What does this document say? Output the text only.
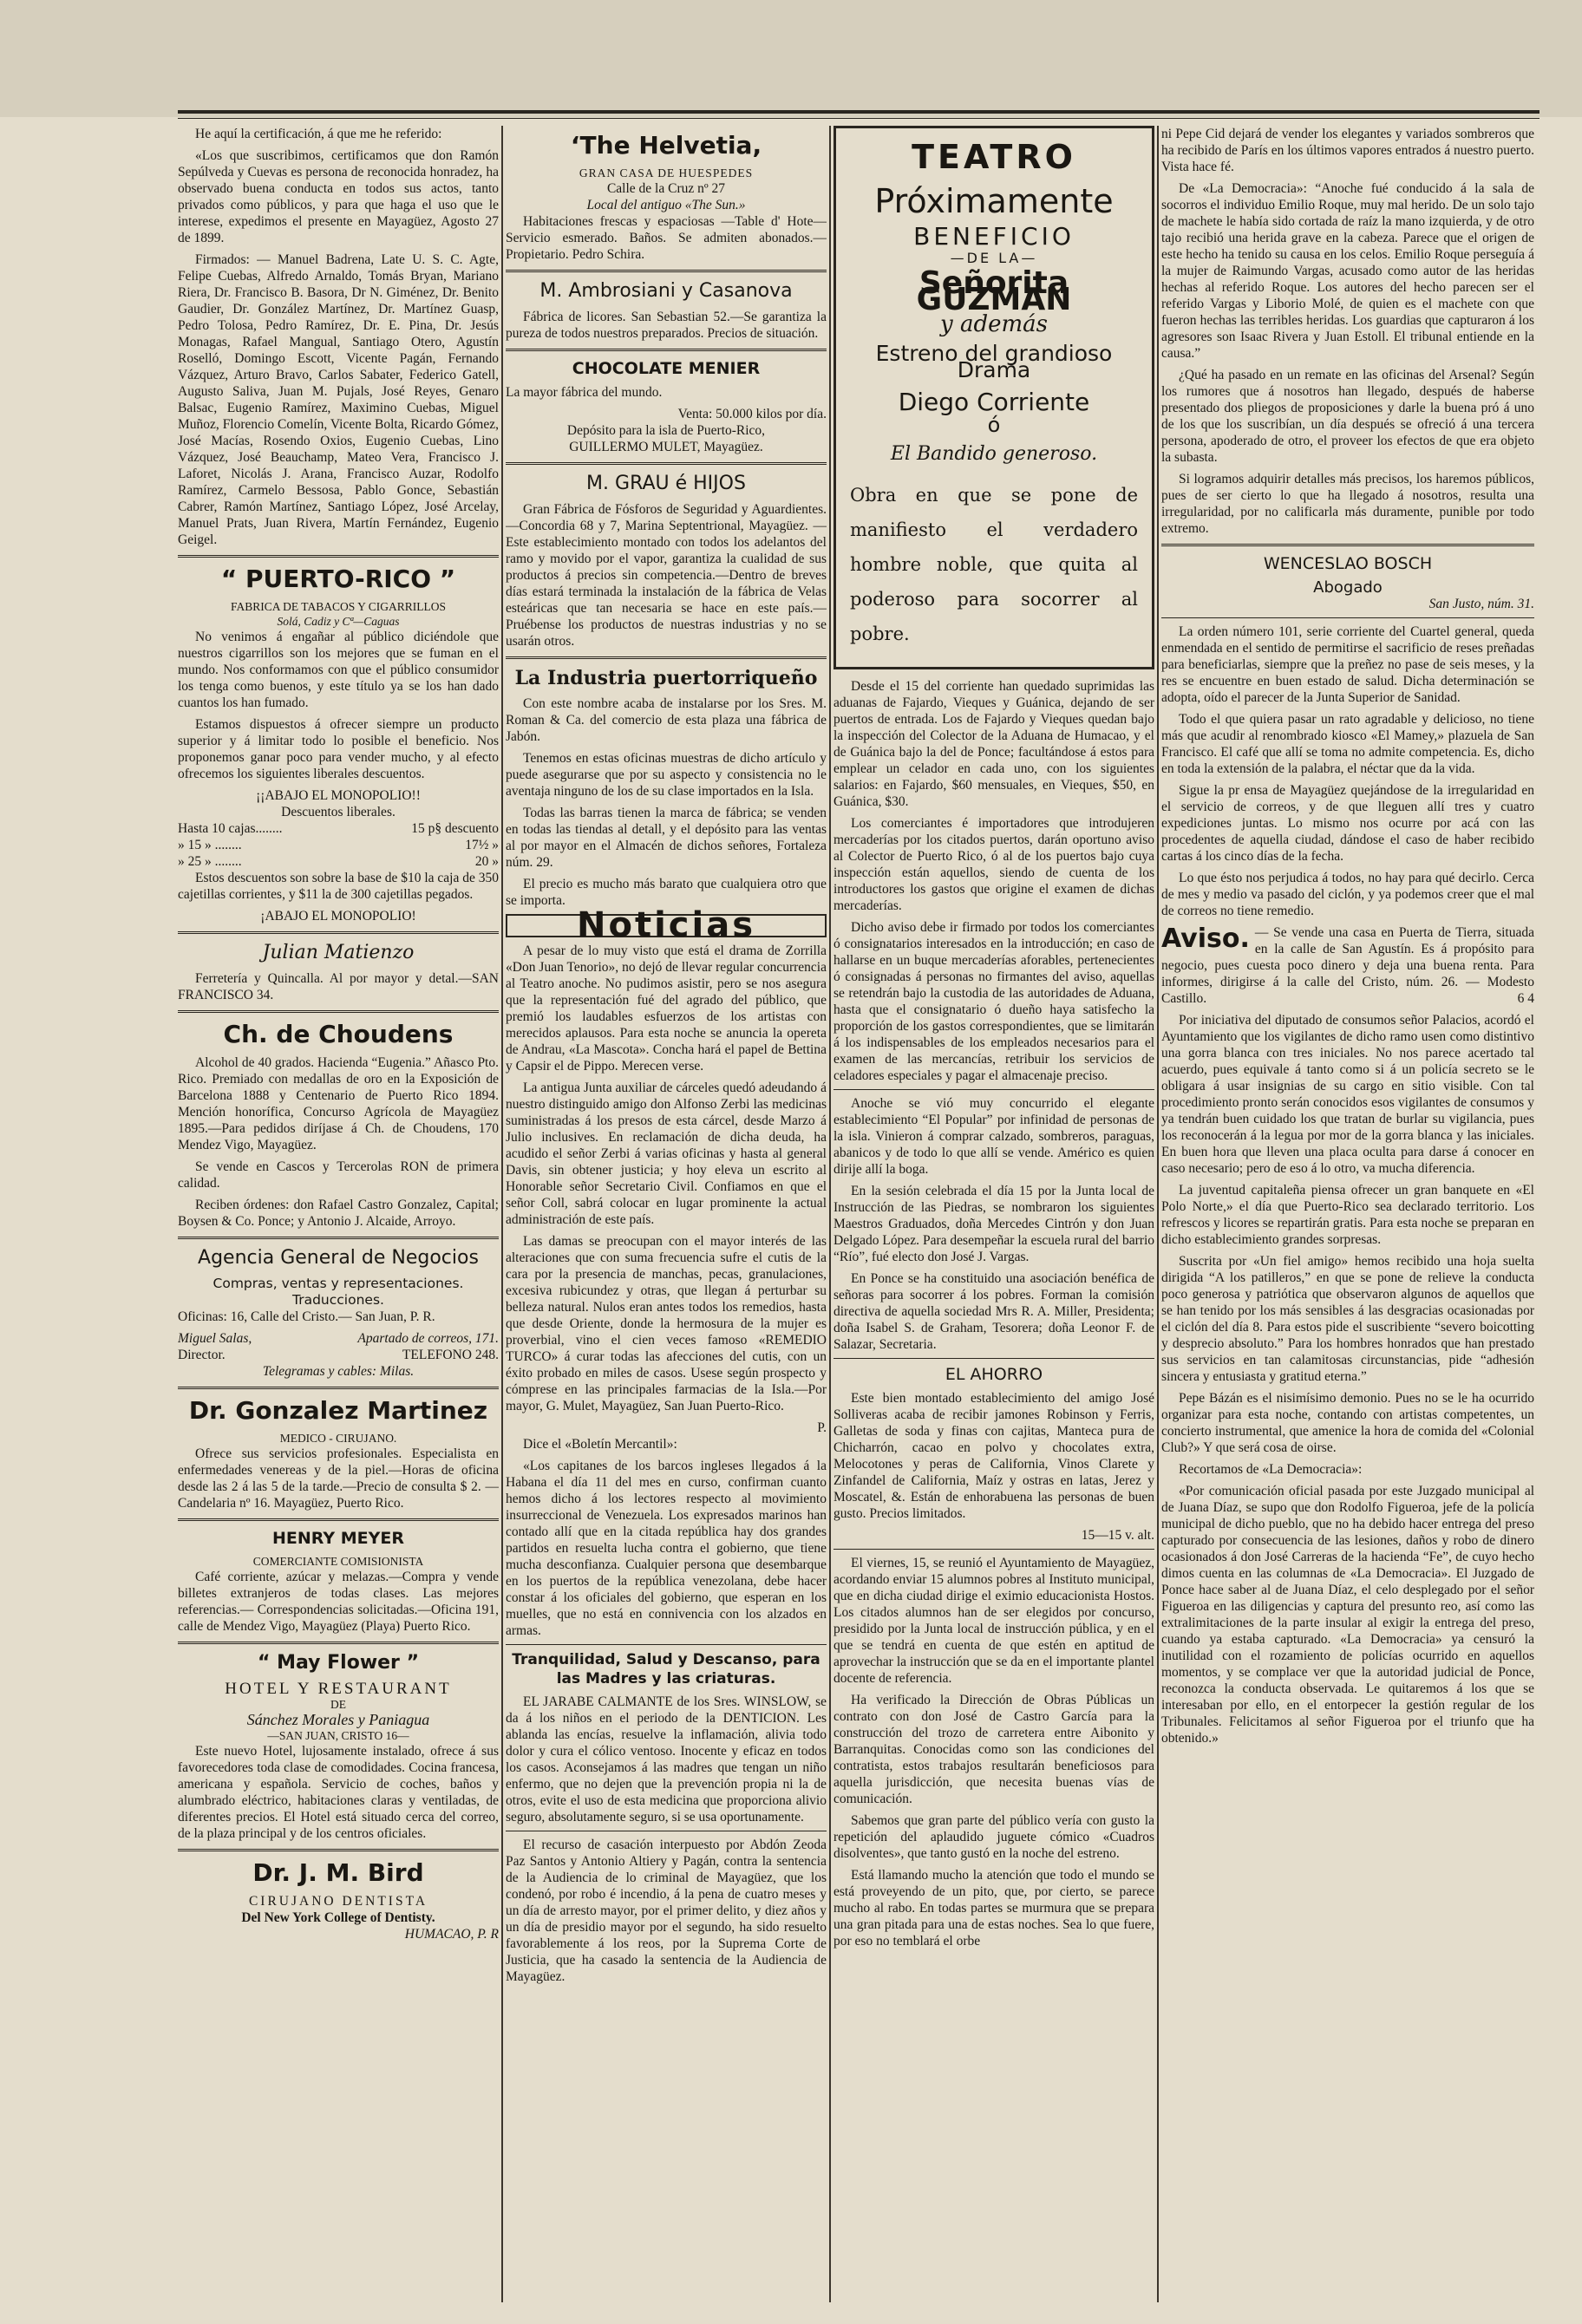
He aquí la certificación, á que me he referido:

«Los que suscribimos, certificamos que don Ramón Sepúlveda y Cuevas es persona de reconocida honradez, ha observado buena conducta en todos sus actos, tanto privados como públicos, y para que haga el uso que le interese, expedimos el presente en Mayagüez, Agosto 27 de 1899.

Firmados: — Manuel Badrena, Late U. S. C. Agte, Felipe Cuebas, Alfredo Arnaldo, Tomás Bryan, Mariano Riera, Dr. Francisco B. Basora, Dr N. Giménez, Dr. Benito Gaudier, Dr. González Martínez, Dr. Martínez Guasp, Pedro Tolosa, Pedro Ramírez, Dr. E. Pina, Dr. Jesús Monagas, Rafael Mangual, Santiago Otero, Agustín Roselló, Domingo Escott, Vicente Pagán, Fernando Vázquez, Arturo Bravo, Carlos Sabater, Federico Gatell, Augusto Saliva, Juan M. Pujals, José Reyes, Genaro Balsac, Eugenio Ramírez, Maximino Cuebas, Miguel Muñoz, Florencio Comelín, Vicente Bolta, Ricardo Gómez, José Macías, Rosendo Oxios, Eugenio Cuebas, Lino Vázquez, José Beauchamp, Mateo Vera, Francisco J. Laforet, Nicolás J. Arana, Francisco Auzar, Rodolfo Ramírez, Carmelo Bessosa, Pablo Gonce, Sebastián Cabrer, Ramón Martínez, Santiago López, José Arcelay, Manuel Prats, Juan Rivera, Martín Fernández, Eugenio Geigel.

“ PUERTO-RICO ”
FABRICA DE TABACOS Y CIGARRILLOS
Solá, Cadiz y Cª—Caguas

No venimos á engañar al público diciéndole que nuestros cigarrillos son los mejores que se fuman en el mundo. Nos conformamos con que el público consumidor los tenga como buenos, y este título ya se los han dado cuantos los han fumado.

Estamos dispuestos á ofrecer siempre un producto superior y á limitar todo lo posible el beneficio. Nos proponemos ganar poco para vender mucho, y al efecto ofrecemos los siguientes liberales descuentos.

¡¡ABAJO EL MONOPOLIO!!
Descuentos liberales.
Hasta 10 cajas........	15 p§ descuento
» 15 » ........	17½ »
» 25 » ........	20 »

Estos descuentos son sobre la base de $10 la caja de 350 cajetillas corrientes, y $11 la de 300 cajetillas pegados.

¡ABAJO EL MONOPOLIO!
Julian Matienzo

Ferretería y Quincalla. Al por mayor y detal.—SAN FRANCISCO 34.

Ch. de Choudens

Alcohol de 40 grados. Hacienda “Eugenia.” Añasco Pto. Rico. Premiado con medallas de oro en la Exposición de Barcelona 1888 y Centenario de Puerto Rico 1894. Mención honorífica, Concurso Agrícola de Mayagüez 1895.—Para pedidos diríjase á Ch. de Choudens, 170 Mendez Vigo, Mayagüez.

Se vende en Cascos y Tercerolas RON de primera calidad.

Reciben órdenes: don Rafael Castro Gonzalez, Capital; Boysen & Co. Ponce; y Antonio J. Alcaide, Arroyo.

Agencia General de Negocios
Compras, ventas y representaciones. Traducciones.

Oficinas: 16, Calle del Cristo.— San Juan, P. R.

Miguel Salas,	Apartado de correos, 171.
Director.	TELEFONO 248.
Telegramas y cables: Milas.
Dr. Gonzalez Martinez
MEDICO - CIRUJANO.

Ofrece sus servicios profesionales. Especialista en enfermedades venereas y de la piel.—Horas de oficina desde las 2 á las 5 de la tarde.—Precio de consulta $ 2. — Candelaria nº 16. Mayagüez, Puerto Rico.

HENRY MEYER
COMERCIANTE COMISIONISTA

Café corriente, azúcar y melazas.—Compra y vende billetes extranjeros de todas clases. Las mejores referencias.— Correspondencias solicitadas.—Oficina 191, calle de Mendez Vigo, Mayagüez (Playa) Puerto Rico.

“ May Flower ”
HOTEL Y RESTAURANT
DE
Sánchez Morales y Paniagua
—SAN JUAN, CRISTO 16—

Este nuevo Hotel, lujosamente instalado, ofrece á sus favorecedores toda clase de comodidades. Cocina francesa, americana y española. Servicio de coches, baños y alumbrado eléctrico, habitaciones claras y ventiladas, de diferentes precios. El Hotel está situado cerca del correo, de la plaza principal y de los centros oficiales.

Dr. J. M. Bird
CIRUJANO DENTISTA
Del New York College of Dentisty.
HUMACAO, P. R
‘The Helvetia,
GRAN CASA DE HUESPEDES
Calle de la Cruz nº 27
Local del antiguo «The Sun.»

Habitaciones frescas y espaciosas —Table d' Hote— Servicio esmerado. Baños. Se admiten abonados.—Propietario. Pedro Schira.

M. Ambrosiani y Casanova

Fábrica de licores. San Sebastian 52.—Se garantiza la pureza de todos nuestros preparados. Precios de situación.

CHOCOLATE MENIER

La mayor fábrica del mundo.

Venta: 50.000 kilos por día.
Depósito para la isla de Puerto-Rico,
GUILLERMO MULET, Mayagüez.
M. GRAU é HIJOS

Gran Fábrica de Fósforos de Seguridad y Aguardientes.—Concordia 68 y 7, Marina Septentrional, Mayagüez. — Este establecimiento montado con todos los adelantos del ramo y movido por el vapor, garantiza la cualidad de sus productos á precios sin competencia.—Dentro de breves días estará terminada la instalación de la fábrica de Velas esteáricas que tan necesaria se hace en este país.—Pruébense los productos de nuestras industrias y no se usarán otros.

La Industria puertorriqueño

Con este nombre acaba de instalarse por los Sres. M. Roman & Ca. del comercio de esta plaza una fábrica de Jabón.

Tenemos en estas oficinas muestras de dicho artículo y puede asegurarse que por su aspecto y consistencia no le aventaja ninguno de los de su clase importados en la Isla.

Todas las barras tienen la marca de fábrica; se venden en todas las tiendas al detall, y el depósito para las ventas al por mayor en el Almacén de dichos señores, Fortaleza núm. 29.

El precio es mucho más barato que cualquiera otro que se importa.

Noticias

A pesar de lo muy visto que está el drama de Zorrilla «Don Juan Tenorio», no dejó de llevar regular concurrencia al Teatro anoche. No pudimos asistir, pero se nos asegura que la representación fué del agrado del público, que premió los laudables esfuerzos de los artistas con merecidos aplausos. Para esta noche se anuncia la opereta de Andrau, «La Mascota». Concha hará el papel de Bettina y Capsir el de Pippo. Merecen verse.

La antigua Junta auxiliar de cárceles quedó adeudando á nuestro distinguido amigo don Alfonso Zerbi las medicinas suministradas á los presos de esta cárcel, desde Marzo á Julio inclusives. En reclamación de dicha deuda, ha acudido el señor Zerbi á varias oficinas y hasta al general Davis, sin obtener justicia; y hoy eleva un escrito al Honorable señor Secretario Civil. Confiamos en que el señor Coll, sabrá colocar en lugar prominente la actual administración de este país.

Las damas se preocupan con el mayor interés de las alteraciones que con suma frecuencia sufre el cutis de la cara por la presencia de manchas, pecas, granulaciones, excesiva rubicundez y otras, que llegan á perturbar su belleza natural. Nulos eran antes todos los remedios, hasta que desde Oriente, donde la hermosura de la mujer es proverbial, vino el cien veces famoso «REMEDIO TURCO» á curar todas las afecciones del cutis, con un éxito probado en miles de casos. Usese según prospecto y cómprese en las principales farmacias de la Isla.—Por mayor, G. Mulet, Mayagüez, San Juan Puerto-Rico.

P.

Dice el «Boletín Mercantil»:

«Los capitanes de los barcos ingleses llegados á la Habana el día 11 del mes en curso, confirman cuanto hemos dicho á los lectores respecto al movimiento insurreccional de Venezuela. Los expresados marinos han contado allí que en la citada república hay dos grandes partidos en resuelta lucha contra el gobierno, que tiene mucha desconfianza. Cualquier persona que desembarque en los puertos de la república venezolana, debe hacer constar á los oficiales del gobierno, que esperan en los muelles, que no está en connivencia con los alzados en armas.

Tranquilidad, Salud y Descanso, para las Madres y las criaturas.

EL JARABE CALMANTE de los Sres. WINSLOW, se da á los niños en el periodo de la DENTICION. Les ablanda las encías, resuelve la inflamación, alivia todo dolor y cura el cólico ventoso. Inocente y eficaz en todos los casos. Aconsejamos á las madres que tengan un niño enfermo, que no dejen que la prevención propia ni la de otros, evite el uso de esta medicina que proporciona alivio seguro, absolutamente seguro, si se usa oportunamente.

El recurso de casación interpuesto por Abdón Zeoda Paz Santos y Antonio Altiery y Pagán, contra la sentencia de la Audiencia de lo criminal de Mayagüez, que los condenó, por robo é incendio, á la pena de cuatro meses y un día de arresto mayor, por el primer delito, y diez años y un día de presidio mayor por el segundo, ha sido resuelto favorablemente á los reos, por la Suprema Corte de Justicia, que ha casado la sentencia de la Audiencia de Mayagüez.

TEATRO
Próximamente
BENEFICIO
—DE LA—
Señorita GUZMAN
y además
Estreno del grandioso Drama
Diego Corriente
ó
El Bandido generoso.
Obra en que se pone de manifiesto el verdadero hombre noble, que quita al poderoso para socorrer al pobre.

Desde el 15 del corriente han quedado suprimidas las aduanas de Fajardo, Vieques y Guánica, dejando de ser puertos de entrada. Los de Fajardo y Vieques quedan bajo la inspección del Colector de la Aduana de Humacao, y el de Guánica bajo la del de Ponce; facultándose á estos para emplear un celador en cada uno, con los siguientes salarios: en Fajardo, $60 mensuales, en Vieques, $50, en Guánica, $30.

Los comerciantes é importadores que introdujeren mercaderías por los citados puertos, darán oportuno aviso al Colector de Puerto Rico, ó al de los puertos bajo cuya inspección están aquellos, siendo de cuenta de los introductores los gastos que origine el examen de dichas mercaderías.

Dicho aviso debe ir firmado por todos los comerciantes ó consignatarios interesados en la introducción; en caso de hallarse en un buque mercaderías aforables, pertenecientes ó consignadas á personas no firmantes del aviso, aquellas se retendrán bajo la custodia de las autoridades de Aduana, hasta que el consignatario ó dueño haya satisfecho la proporción de los gastos correspondientes, que se limitarán á los indispensables de los empleados necesarios para el examen de las mercancías, retribuir los servicios de celadores especiales y pagar el almacenaje preciso.

Anoche se vió muy concurrido el elegante establecimiento “El Popular” por infinidad de personas de la isla. Vinieron á comprar calzado, sombreros, paraguas, abanicos y de todo lo que allí se vende. Américo es quien dirije allí la boga.

En la sesión celebrada el día 15 por la Junta local de Instrucción de las Piedras, se nombraron los siguientes Maestros Graduados, doña Mercedes Cintrón y don Juan Delgado López. Para desempeñar la escuela rural del barrio “Río”, fué electo don José J. Vargas.

En Ponce se ha constituido una asociación benéfica de señoras para socorrer á los pobres. Forman la comisión directiva de aquella sociedad Mrs R. A. Miller, Presidenta; doña Isabel S. de Graham, Tesorera; doña Leonor F. de Salazar, Secretaria.

EL AHORRO

Este bien montado establecimiento del amigo José Solliveras acaba de recibir jamones Robinson y Ferris, Galletas de soda y finas con cajitas, Manteca pura de Chicharrón, cacao en polvo y chocolates extra, Melocotones y peras de California, Vinos Clarete y Zinfandel de California, Maíz y ostras en latas, Jerez y Moscatel, &. Están de enhorabuena las personas de buen gusto. Precios limitados.

15—15 v. alt.

El viernes, 15, se reunió el Ayuntamiento de Mayagüez, acordando enviar 15 alumnos pobres al Instituto municipal, que en dicha ciudad dirige el eximio educacionista Hostos. Los citados alumnos han de ser elegidos por concurso, presidido por la Junta local de instrucción pública, y en el que se tendrá en cuenta de que estén en aptitud de aprovechar la instrucción que se da en el importante plantel docente de referencia.

Ha verificado la Dirección de Obras Públicas un contrato con don José de Castro García para la construcción del trozo de carretera entre Aibonito y Barranquitas. Conocidas como son las condiciones del contratista, estos trabajos resultarán beneficiosos para aquella jurisdicción, que necesita buenas vías de comunicación.

Sabemos que gran parte del público vería con gusto la repetición del aplaudido juguete cómico «Cuadros disolventes», que tanto gustó en la noche del estreno.

Está llamando mucho la atención que todo el mundo se está proveyendo de un pito, que, por cierto, se parece mucho al rabo. En todas partes se murmura que se prepara una gran pitada para una de estas noches. Sea lo que fuere, por eso no temblará el orbe

ni Pepe Cid dejará de vender los elegantes y variados sombreros que ha recibido de París en los últimos vapores entrados á nuestro puerto. Vista hace fé.

De «La Democracia»: “Anoche fué conducido á la sala de socorros el individuo Emilio Roque, muy mal herido. De un solo tajo de machete le había sido cortada de raíz la mano izquierda, y de otro tajo recibió una herida grave en la cabeza. Parece que el origen de este hecho ha tenido su causa en los celos. Emilio Roque perseguía á la mujer de Raimundo Vargas, acusado como autor de las heridas hechas al referido Roque. Los autores del hecho parecen ser el referido Vargas y Liborio Molé, de quien es el machete con que fueron hechas las terribles heridas. Los guardias que capturaron á los agresores son Isaac Rivera y Juan Estoll. El tribunal entiende en la causa.”

¿Qué ha pasado en un remate en las oficinas del Arsenal? Según los rumores que á nosotros han llegado, después de haberse presentado dos pliegos de proposiciones y darle la buena pró á uno de los que los suscribían, un día después se ofreció á una tercera persona, apoderado de otro, el proveer los efectos de que era objeto la subasta.

Si logramos adquirir detalles más precisos, los haremos públicos, pues de ser cierto lo que ha llegado á nosotros, resulta una irregularidad, por no calificarla más duramente, punible por todo extremo.

WENCESLAO BOSCH
Abogado
San Justo, núm. 31.

La orden número 101, serie corriente del Cuartel general, queda enmendada en el sentido de permitirse el sacrificio de reses preñadas para beneficiarlas, siempre que la preñez no pase de seis meses, y la res se encuentre en buen estado de salud. Dicha determinación se adopta, oído el parecer de la Junta Superior de Sanidad.

Todo el que quiera pasar un rato agradable y delicioso, no tiene más que acudir al renombrado kiosco «El Mamey,» plazuela de San Francisco. El café que allí se toma no admite competencia. Es, dicho en toda la extensión de la palabra, el néctar que da la vida.

Sigue la pr ensa de Mayagüez quejándose de la irregularidad en el servicio de correos, y de que lleguen allí tres y cuatro expediciones juntas. Lo mismo nos ocurre por acá con las procedentes de aquella ciudad, dándose el caso de haber recibido cartas á los cinco días de la fecha.

Lo que ésto nos perjudica á todos, no hay para qué decirlo. Cerca de mes y medio va pasado del ciclón, y ya podemos creer que el mal de correos no tiene remedio.

Aviso. — Se vende una casa en Puerta de Tierra, situada en la calle de San Agustín. Es á propósito para negocio, pues cuesta poco dinero y deja una buena renta. Para informes, dirigirse á la calle del Cristo, núm. 26. — Modesto Castillo.	6 4

Por iniciativa del diputado de consumos señor Palacios, acordó el Ayuntamiento que los vigilantes de dicho ramo usen como distintivo una gorra blanca con tres iniciales. No nos parece acertado tal acuerdo, pues equivale á tanto como si á un policía secreto se le obligara á usar insignias de su cargo en sitio visible. Con tal procedimiento pronto serán conocidos esos vigilantes de consumos y ya tendrán buen cuidado los que tratan de burlar su vigilancia, pues los reconocerán á la legua por mor de la gorra blanca y las iniciales. En buen hora que lleven una placa oculta para darse á conocer en caso necesario; pero de eso á lo otro, va mucha diferencia.

La juventud capitaleña piensa ofrecer un gran banquete en «El Polo Norte,» el día que Puerto-Rico sea declarado territorio. Los refrescos y licores se repartirán gratis. Para esta noche se preparan en dicho establecimiento grandes sorpresas.

Suscrita por «Un fiel amigo» hemos recibido una hoja suelta dirigida “A los patilleros,” en que se pone de relieve la conducta poco generosa y patriótica que observaron algunos de aquellos que se han tenido por los más sensibles á las desgracias ocasionadas por el ciclón del día 8. Para estos pide el suscribiente “severo boicotting y desprecio absoluto.” Para los hombres honrados que han prestado sus servicios en tan calamitosas circunstancias, pide “adhesión sincera y entusiasta y gratitud eterna.”

Pepe Bázán es el nisimísimo demonio. Pues no se le ha ocurrido organizar para esta noche, contando con artistas competentes, un concierto instrumental, que amenice la hora de comida del «Colonial Club?» Y que será cosa de oirse.

Recortamos de «La Democracia»:

«Por comunicación oficial pasada por este Juzgado municipal al de Juana Díaz, se supo que don Rodolfo Figueroa, jefe de la policía municipal de dicho pueblo, que no ha debido hacer entrega del preso capturado por consecuencia de las lesiones, daños y robo de dinero ocasionados á don José Carreras de la hacienda “Fe”, de cuyo hecho dimos cuenta en las columnas de «La Democracia». El Juzgado de Ponce hace saber al de Juana Díaz, el celo desplegado por el señor Figueroa en las diligencias y captura del presunto reo, así como las extralimitaciones de la parte insular al exigir la entrega del preso, cuando ya estaba capturado. «La Democracia» ya censuró la inutilidad con el rozamiento de policías ocurrido en aquellos momentos, y se complace ver que la autoridad judicial de Ponce, reconozca la conducta observada. Le quitaremos á los que se interesaban por ello, en el entorpecer la gestión regular de los Tribunales. Felicitamos al señor Figueroa por el triunfo que ha obtenido.»
